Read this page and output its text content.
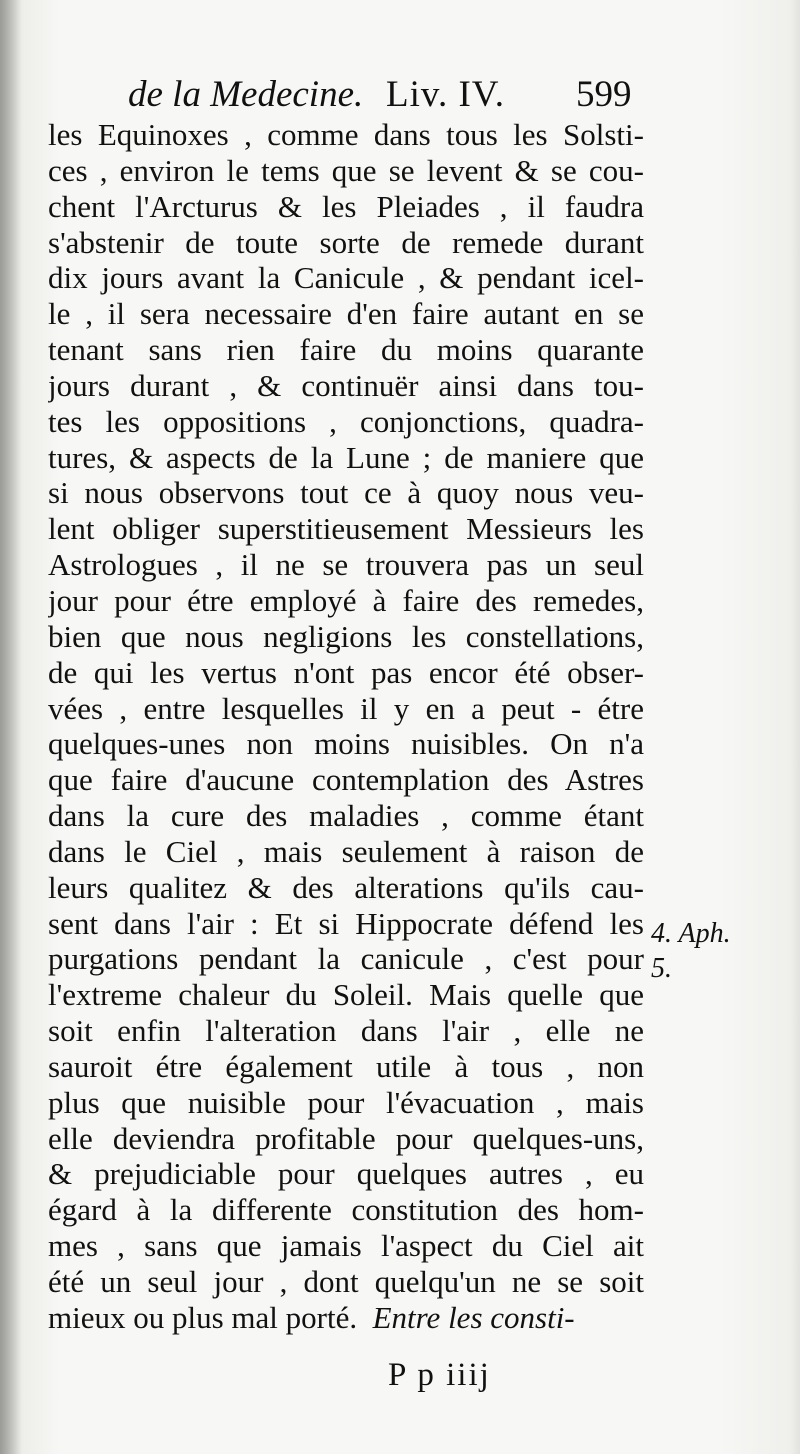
de la Medecine. Liv. IV. 599
les Equinoxes , comme dans tous les Solsti-
ces , environ le tems que se levent & se cou-
chent l'Arcturus & les Pleiades , il faudra
s'abstenir de toute sorte de remede durant
dix jours avant la Canicule , & pendant icel-
le , il sera necessaire d'en faire autant en se
tenant sans rien faire du moins quarante
jours durant , & continuër ainsi dans tou-
tes les oppositions , conjonctions, quadra-
tures, & aspects de la Lune ; de maniere que
si nous observons tout ce à quoy nous veu-
lent obliger superstitieusement Messieurs les
Astrologues , il ne se trouvera pas un seul
jour pour étre employé à faire des remedes,
bien que nous negligions les constellations,
de qui les vertus n'ont pas encor été obser-
vées , entre lesquelles il y en a peut - étre
quelques-unes non moins nuisibles. On n'a
que faire d'aucune contemplation des Astres
dans la cure des maladies , comme étant
dans le Ciel , mais seulement à raison de
leurs qualitez & des alterations qu'ils cau-
sent dans l'air : Et si Hippocrate défend les
purgations pendant la canicule , c'est pour
l'extreme chaleur du Soleil. Mais quelle que
soit enfin l'alteration dans l'air , elle ne
sauroit étre également utile à tous , non
plus que nuisible pour l'évacuation , mais
elle deviendra profitable pour quelques-uns,
& prejudiciable pour quelques autres , eu
égard à la differente constitution des hom-
mes , sans que jamais l'aspect du Ciel ait
été un seul jour , dont quelqu'un ne se soit
mieux ou plus mal porté. Entre les consti-
4. Aph.
5.
P p iiij
